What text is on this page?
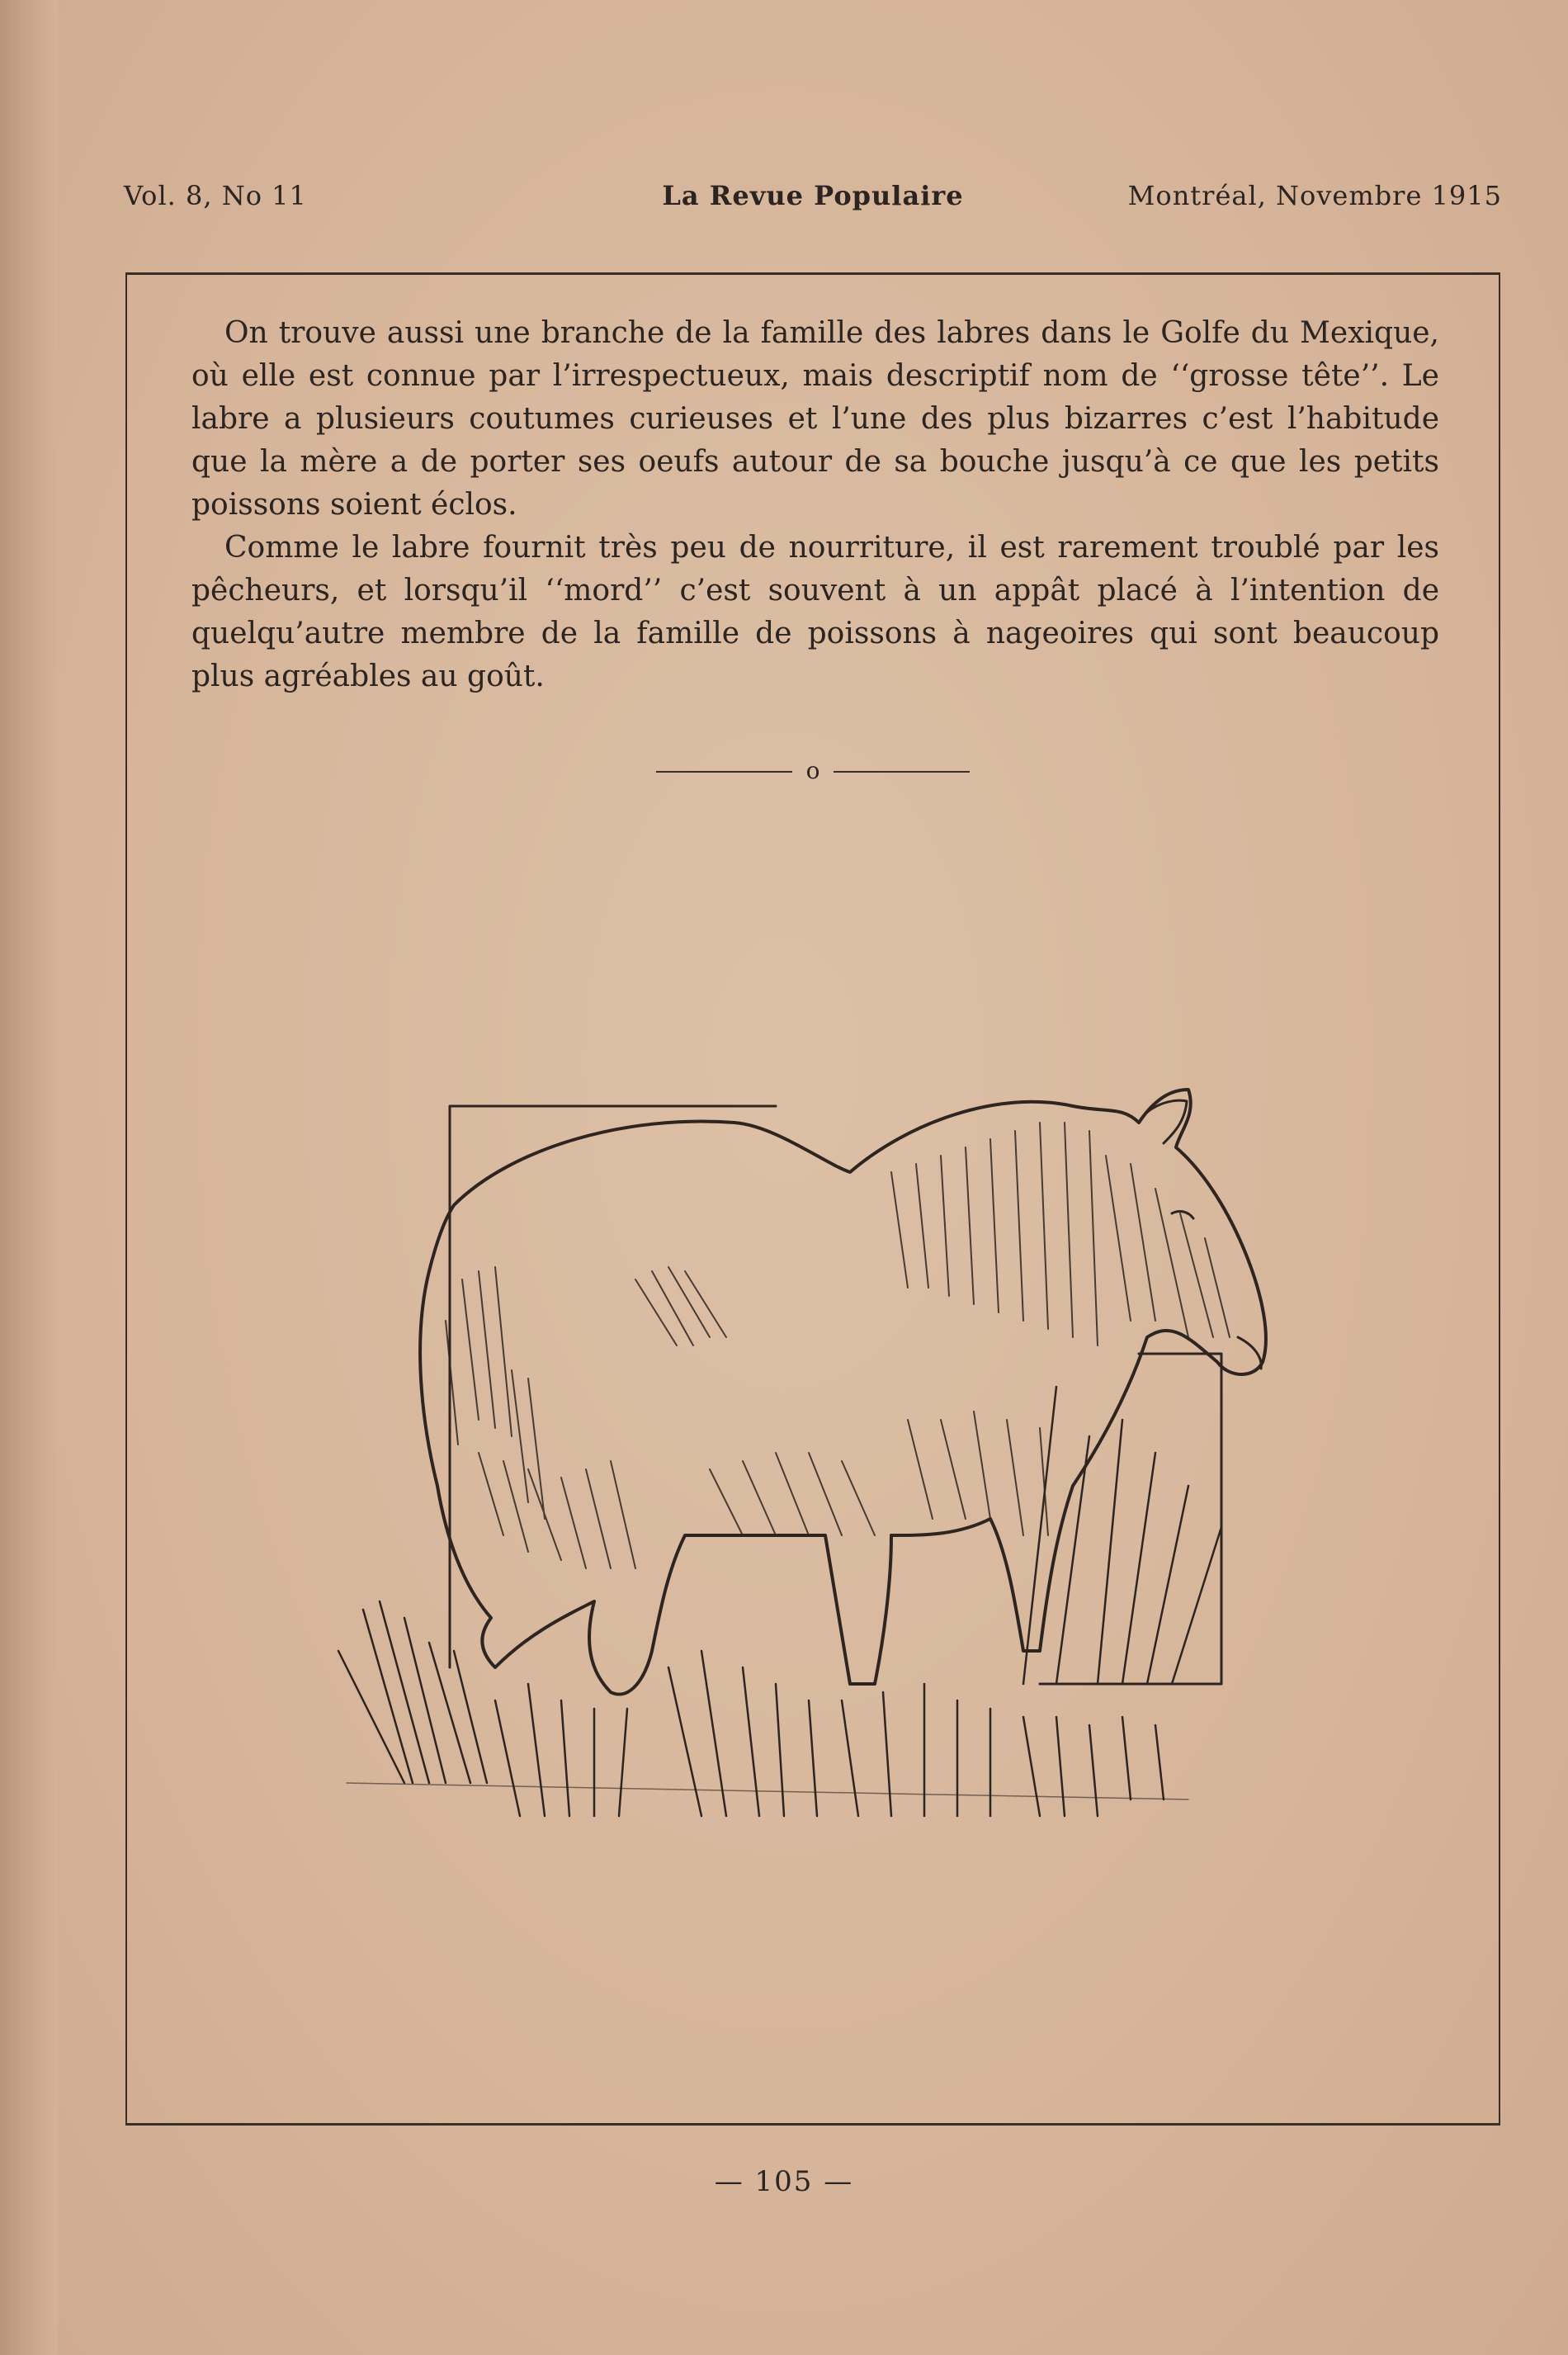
Vol. 8, No 11	La Revue Populaire	Montréal, Novembre 1915

On trouve aussi une branche de la famille des labres dans le Golfe du Mexique, où elle est connue par l’irrespectueux, mais descriptif nom de ‘‘grosse tête’’. Le labre a plusieurs coutumes curieuses et l’une des plus bizarres c’est l’habitude que la mère a de porter ses oeufs autour de sa bouche jusqu’à ce que les petits poissons soient éclos.

Comme le labre fournit très peu de nourriture, il est rarement troublé par les pêcheurs, et lorsqu’il ‘‘mord’’ c’est souvent à un appât placé à l’intention de quelqu’autre membre de la famille de poissons à nageoires qui sont beaucoup plus agréables au goût.

o
— 105 —
